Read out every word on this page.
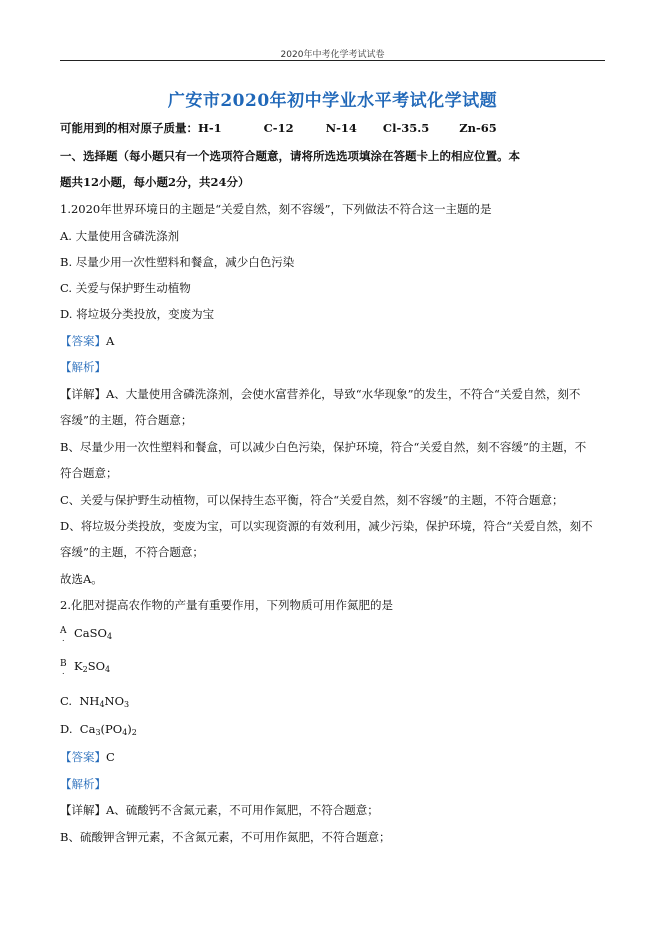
2020年中考化学考试试卷
广安市2020年初中学业水平考试化学试题
可能用到的相对原子质量：H-1	C-12	N-14 Cl-35.5	Zn-65
一、选择题（每小题只有一个选项符合题意，请将所选选项填涂在答题卡上的相应位置。本
题共12小题，每小题2分，共24分）
1.2020年世界环境日的主题是“关爱自然，刻不容缓”，下列做法不符合这一主题的是
A. 大量使用含磷洗涤剂
B. 尽量少用一次性塑料和餐盒，减少白色污染
C. 关爱与保护野生动植物
D. 将垃圾分类投放，变废为宝
【答案】A
【解析】
【详解】A、大量使用含磷洗涤剂，会使水富营养化，导致“水华现象”的发生，不符合“关爱自然，刻不
容缓”的主题，符合题意；
B、尽量少用一次性塑料和餐盒，可以减少白色污染，保护环境，符合“关爱自然，刻不容缓”的主题，不
符合题意；
C、关爱与保护野生动植物，可以保持生态平衡，符合“关爱自然，刻不容缓”的主题，不符合题意；
D、将垃圾分类投放，变废为宝，可以实现资源的有效利用，减少污染，保护环境，符合“关爱自然，刻不
容缓”的主题，不符合题意；
故选A。
2.化肥对提高农作物的产量有重要作用，下列物质可用作氮肥的是
A CaSO$_4$
.
B $K_2SO_4$
.
C.  $NH_4NO_3$
D.  $Ca_3(PO_4)_2$
【答案】C
【解析】
【详解】A、硫酸钙不含氮元素，不可用作氮肥，不符合题意；
B、硫酸钾含钾元素，不含氮元素，不可用作氮肥，不符合题意；
